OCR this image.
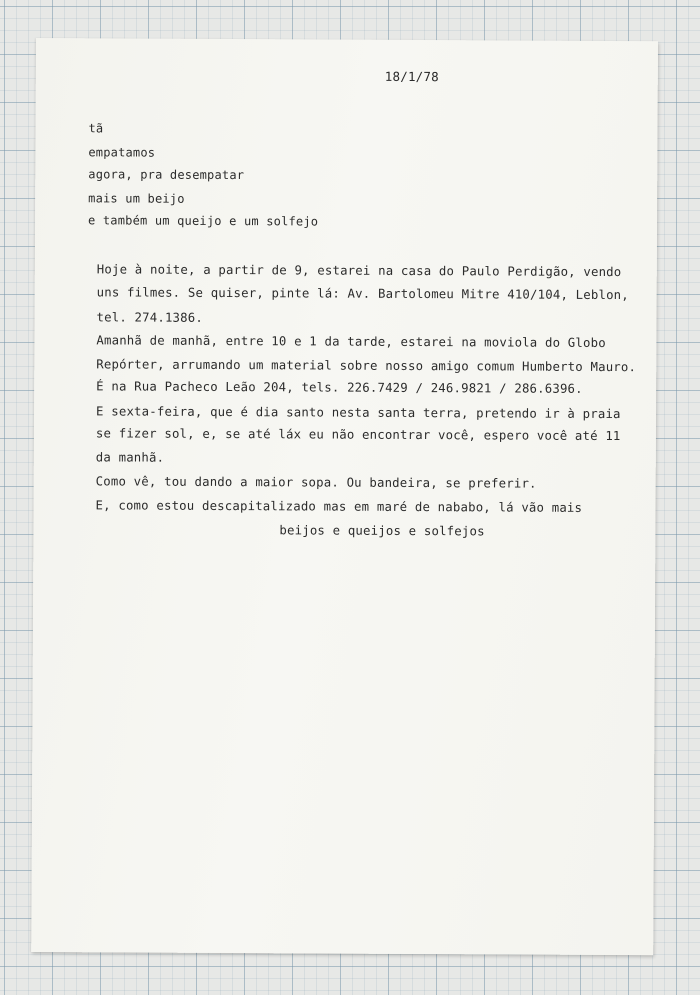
18/1/78
tã
empatamos
agora, pra desempatar
mais um beijo
e também um queijo e um solfejo
Hoje à noite, a partir de 9, estarei na casa do Paulo Perdigão, vendo
uns filmes. Se quiser, pinte lá: Av. Bartolomeu Mitre 410/104, Leblon,
tel. 274.1386.
Amanhã de manhã, entre 10 e 1 da tarde, estarei na moviola do Globo
Repórter, arrumando um material sobre nosso amigo comum Humberto Mauro.
É na Rua Pacheco Leão 204, tels. 226.7429 / 246.9821 / 286.6396.
E sexta-feira, que é dia santo nesta santa terra, pretendo ir à praia
se fizer sol, e, se até láx eu não encontrar você, espero você até 11
da manhã.
Como vê, tou dando a maior sopa. Ou bandeira, se preferir.
E, como estou descapitalizado mas em maré de nababo, lá vão mais
beijos e queijos e solfejos
